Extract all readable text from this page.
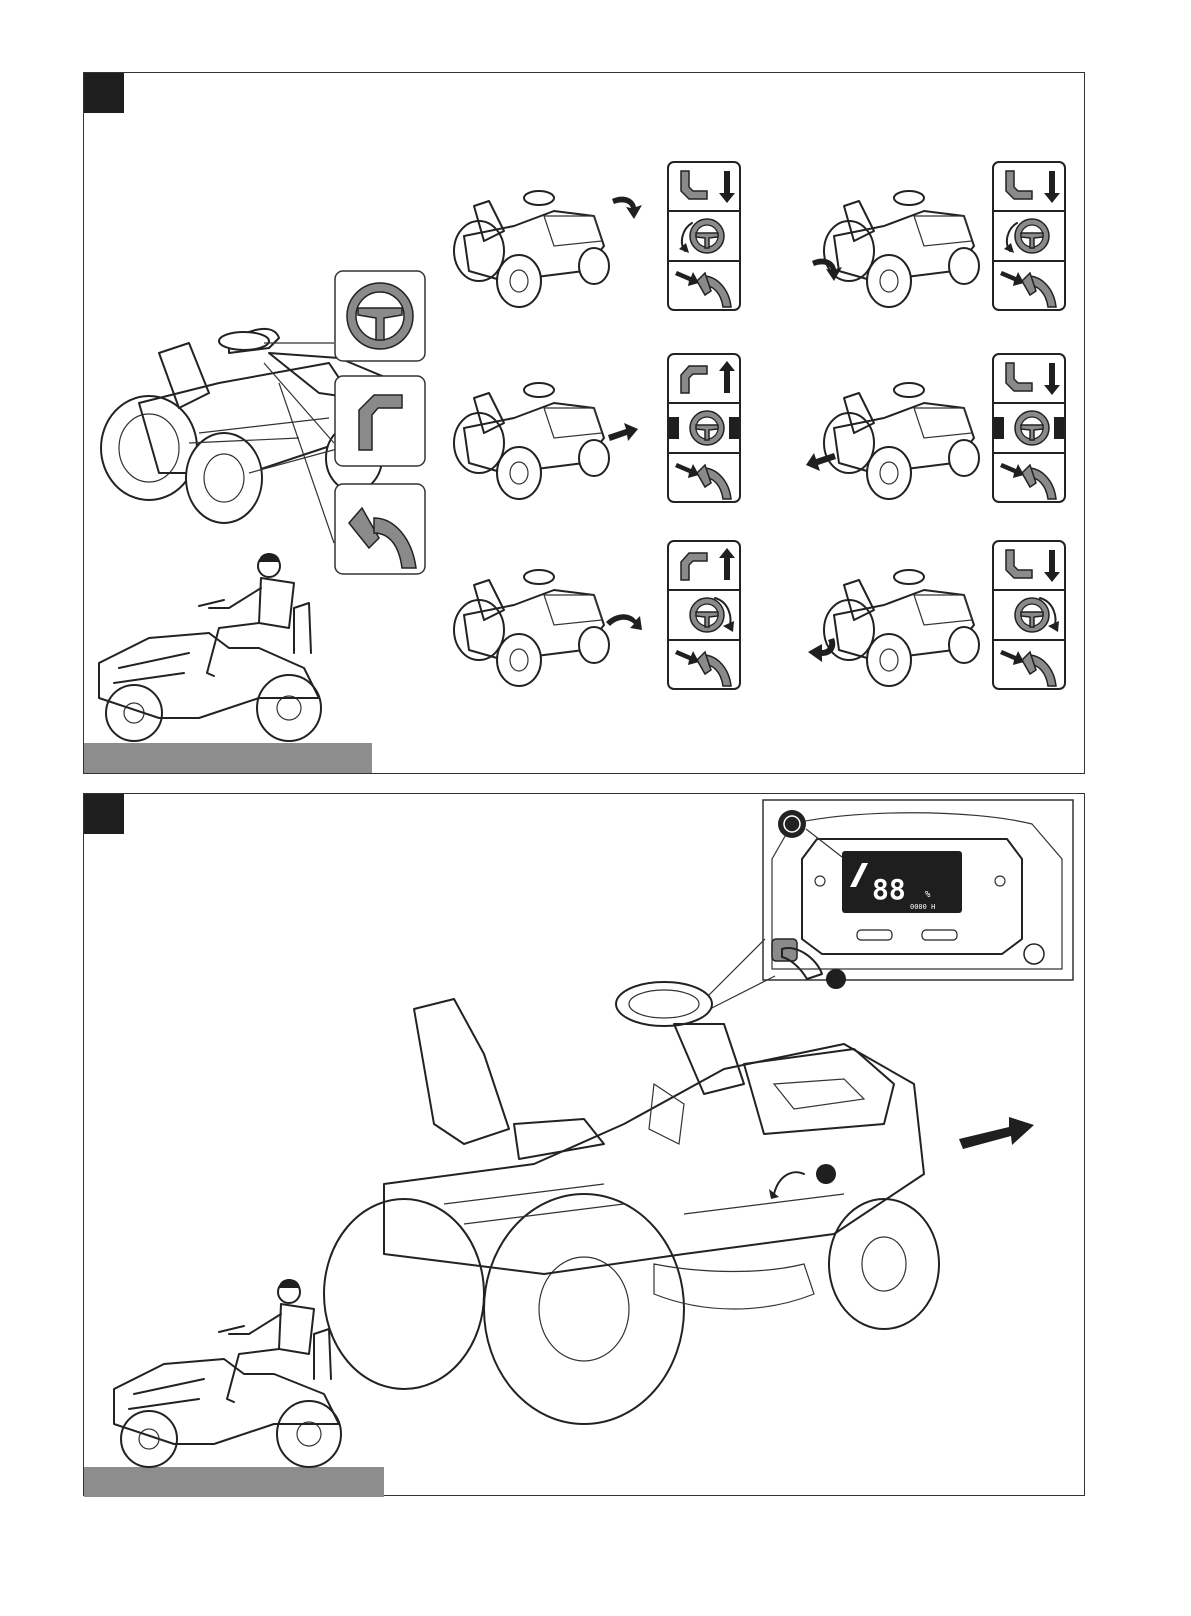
88 %
0000 H
